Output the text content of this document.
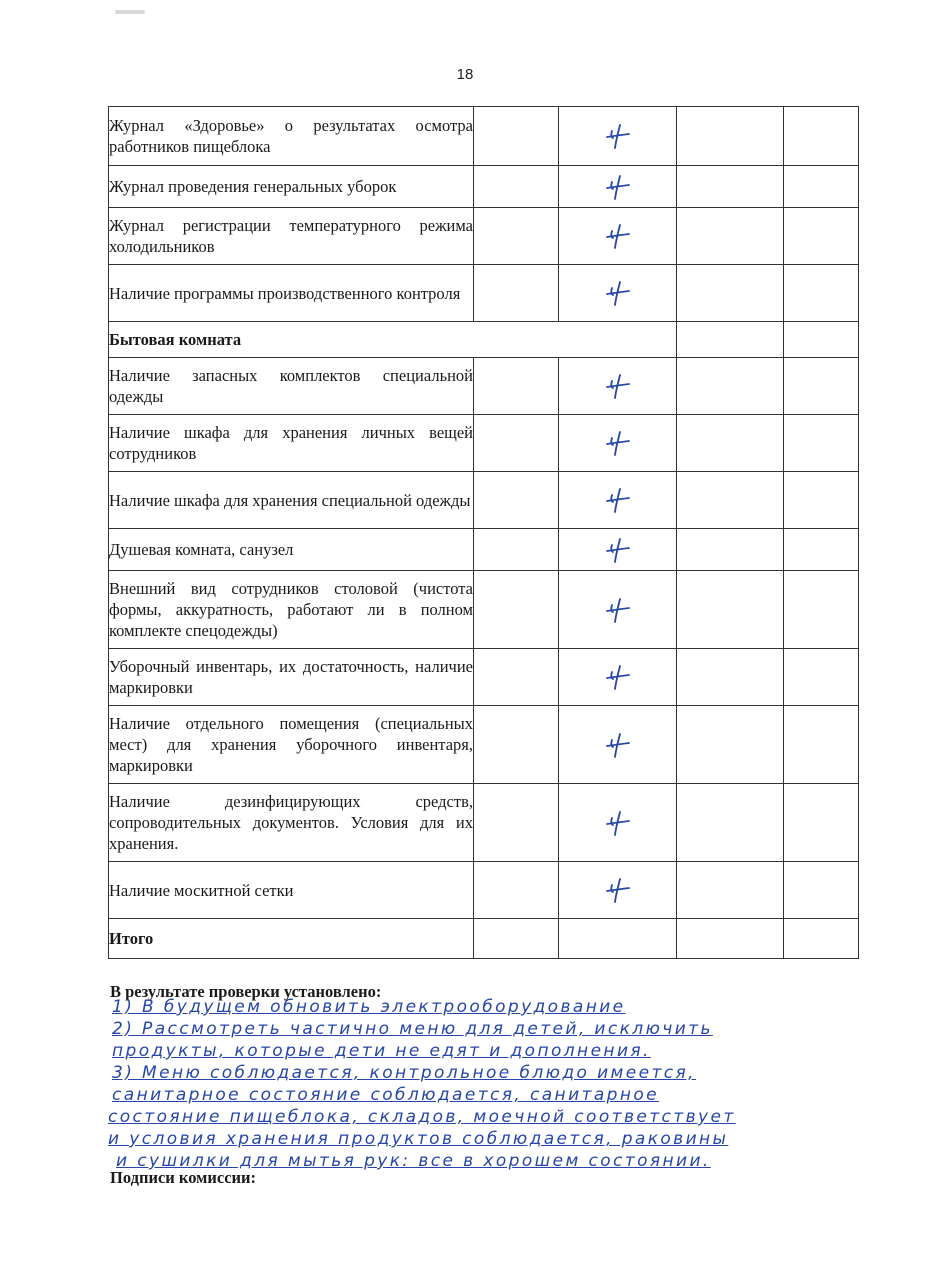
18
Журнал «Здоровье» о результатах осмотра работников пищеблока		

Журнал проведения генеральных уборок		

Журнал регистрации температурного режима холодильников		

Наличие программы производственного контроля		

Бытовая комната				
Наличие запасных комплектов специальной одежды		

Наличие шкафа для хранения личных вещей сотрудников		

Наличие шкафа для хранения специальной одежды		

Душевая комната, санузел		

Внешний вид сотрудников столовой (чистота формы, аккуратность, работают ли в полном комплекте спецодежды)		

Уборочный инвентарь, их достаточность, наличие маркировки		

Наличие отдельного помещения (специальных мест) для хранения уборочного инвентаря, маркировки		

Наличие дезинфицирующих средств, сопроводительных документов. Условия для их хранения.		

Наличие москитной сетки		

Итого				
В результате проверки установлено:
1) В будущем обновить электрооборудование
2) Рассмотреть частично меню для детей, исключить
продукты, которые дети не едят и дополнения.
3) Меню соблюдается, контрольное блюдо имеется,
санитарное состояние соблюдается, санитарное
состояние пищеблока, складов, моечной соответствует
и условия хранения продуктов соблюдается, раковины
и сушилки для мытья рук: все в хорошем состоянии.
Подписи комиссии:
